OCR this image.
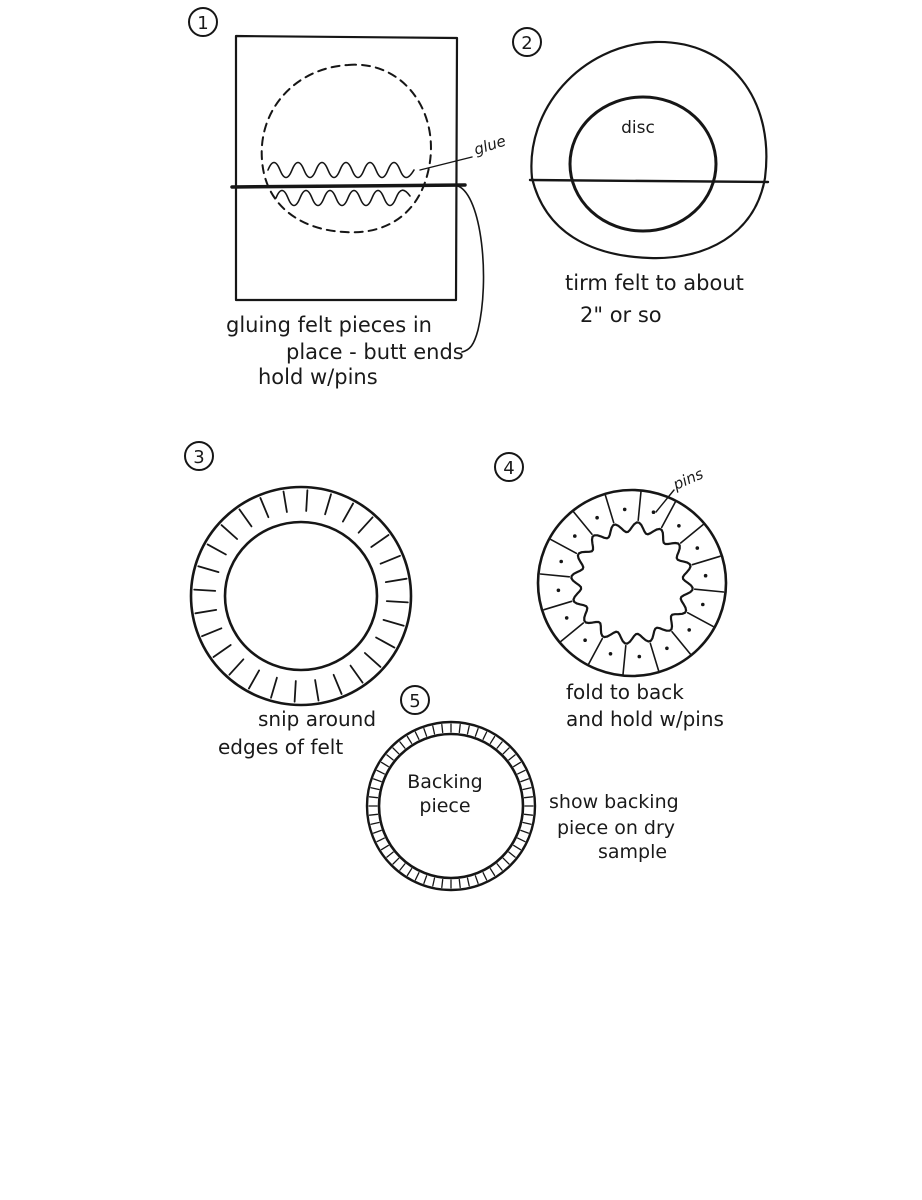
1
glue
gluing felt pieces in
place - butt ends
hold w/pins
2
disc
tirm felt to about
2" or so
3
snip around
edges of felt
4	pins
fold to back
and hold w/pins
5
Backing
piece	show backing
piece on dry
sample
